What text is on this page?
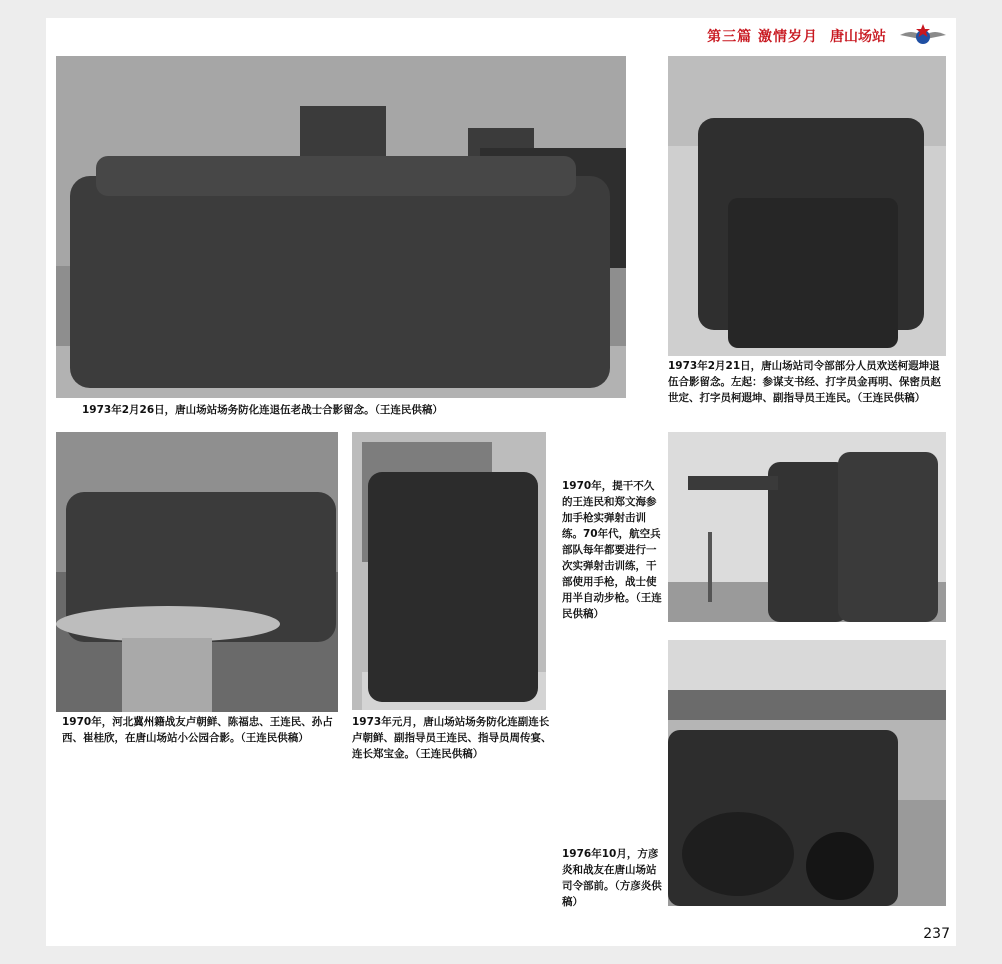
第三篇 激情岁月 唐山场站
1973年2月26日，唐山场站场务防化连退伍老战士合影留念。（王连民供稿）
1973年2月21日，唐山场站司令部部分人员欢送柯遐坤退伍合影留念。左起：参谋支书经、打字员金再明、保密员赵世定、打字员柯遐坤、副指导员王连民。（王连民供稿）
1970年，河北冀州籍战友卢朝鲜、陈福忠、王连民、孙占西、崔桂欣，在唐山场站小公园合影。（王连民供稿）
1973年元月，唐山场站场务防化连副连长卢朝鲜、副指导员王连民、指导员周传宴、连长郑宝金。（王连民供稿）
1970年，提干不久的王连民和郑文海参加手枪实弹射击训练。70年代，航空兵部队每年都要进行一次实弹射击训练，干部使用手枪，战士使用半自动步枪。（王连民供稿）
1976年10月，方彦炎和战友在唐山场站司令部前。（方彦炎供稿）
237
